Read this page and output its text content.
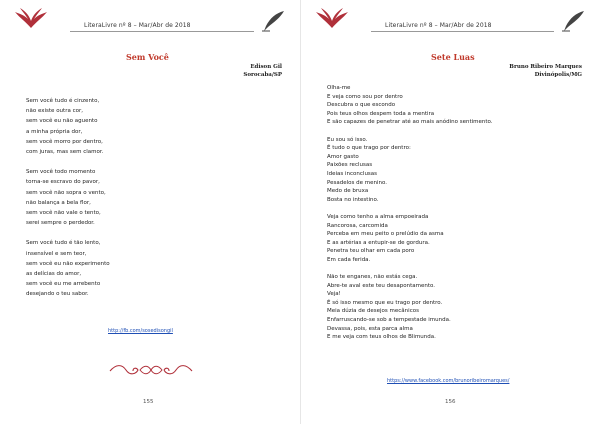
LiteraLivre nº 8 – Mar/Abr de 2018
Sem Você
Edison Gil
Sorocaba/SP
Sem você tudo é cinzento,
não existe outra cor,
sem você eu não aguento
a minha própria dor,
sem você morro por dentro,
com juras, mas sem clamor.
Sem você todo momento
torna-se escravo do pavor,
sem você não sopra o vento,
não balança a bela flor,
sem você não vale o tento,
serei sempre o perdedor.
Sem você tudo é tão lento,
insensível e sem teor,
sem você eu não experimento
as delícias do amor,
sem você eu me arrebento
desejando o teu sabor.
http://fb.com/sosedisongil
155
LiteraLivre nº 8 – Mar/Abr de 2018
Sete Luas
Bruno Ribeiro Marques
Divinópolis/MG
Olha-me
E veja como sou por dentro
Descubra o que escondo
Pois teus olhos despem toda a mentira
E são capazes de penetrar até ao mais anódino sentimento.
Eu sou só isso.
É tudo o que trago por dentro:
Amor gasto
Paixões reclusas
Ideias inconclusas
Pesadelos de menino.
Medo de bruxa
Bosta no intestino.
Veja como tenho a alma empoeirada
Rancorosa, carcomida
Perceba em meu peito o prelúdio da asma
E as artérias a entupir-se de gordura.
Penetra teu olhar em cada poro
Em cada ferida.
Não te enganes, não estás cega.
Abre-te aval este teu desapontamento.
Veja!
É só isso mesmo que eu trago por dentro.
Meia dúzia de desejos mecânicos
Enfarruscando-se sob a tempestade imunda.
Devassa, pois, esta parca alma
E me veja com teus olhos de Blimunda.
https://www.facebook.com/brunoribeiromarques/
156
